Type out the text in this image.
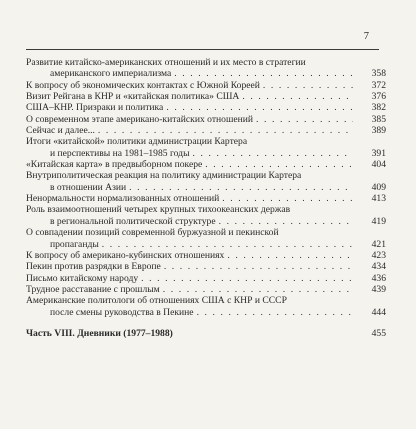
7
Развитие китайско-американских отношений и их место в стратегии
американского империализма . . .	358
К вопросу об экономических контактах с Южной Кореей . . .	372
Визит Рейгана в КНР и «китайская политика» США . . .	376
США–КНР. Призраки и политика . . .	382
О современном этапе американо-китайских отношений . . .	385
Сейчас и далее... . . .	389
Итоги «китайской» политики администрации Картера
и перспективы на 1981–1985 годы . . .	391
«Китайская карта» в предвыборном покере . . .	404
Внутриполитическая реакция на политику администрации Картера
в отношении Азии . . .	409
Ненормальности нормализованных отношений . . .	413
Роль взаимоотношений четырех крупных тихоокеанских держав
в региональной политической структуре . . .	419
О совпадении позиций современной буржуазной и пекинской
пропаганды . . .	421
К вопросу об американо-кубинских отношениях . . .	423
Пекин против разрядки в Европе . . .	434
Письмо китайскому народу . . .	436
Трудное расставание с прошлым . . .	439
Американские политологи об отношениях США с КНР и СССР
после смены руководства в Пекине . . .	444
Часть VIII. Дневники (1977–1988)	455
